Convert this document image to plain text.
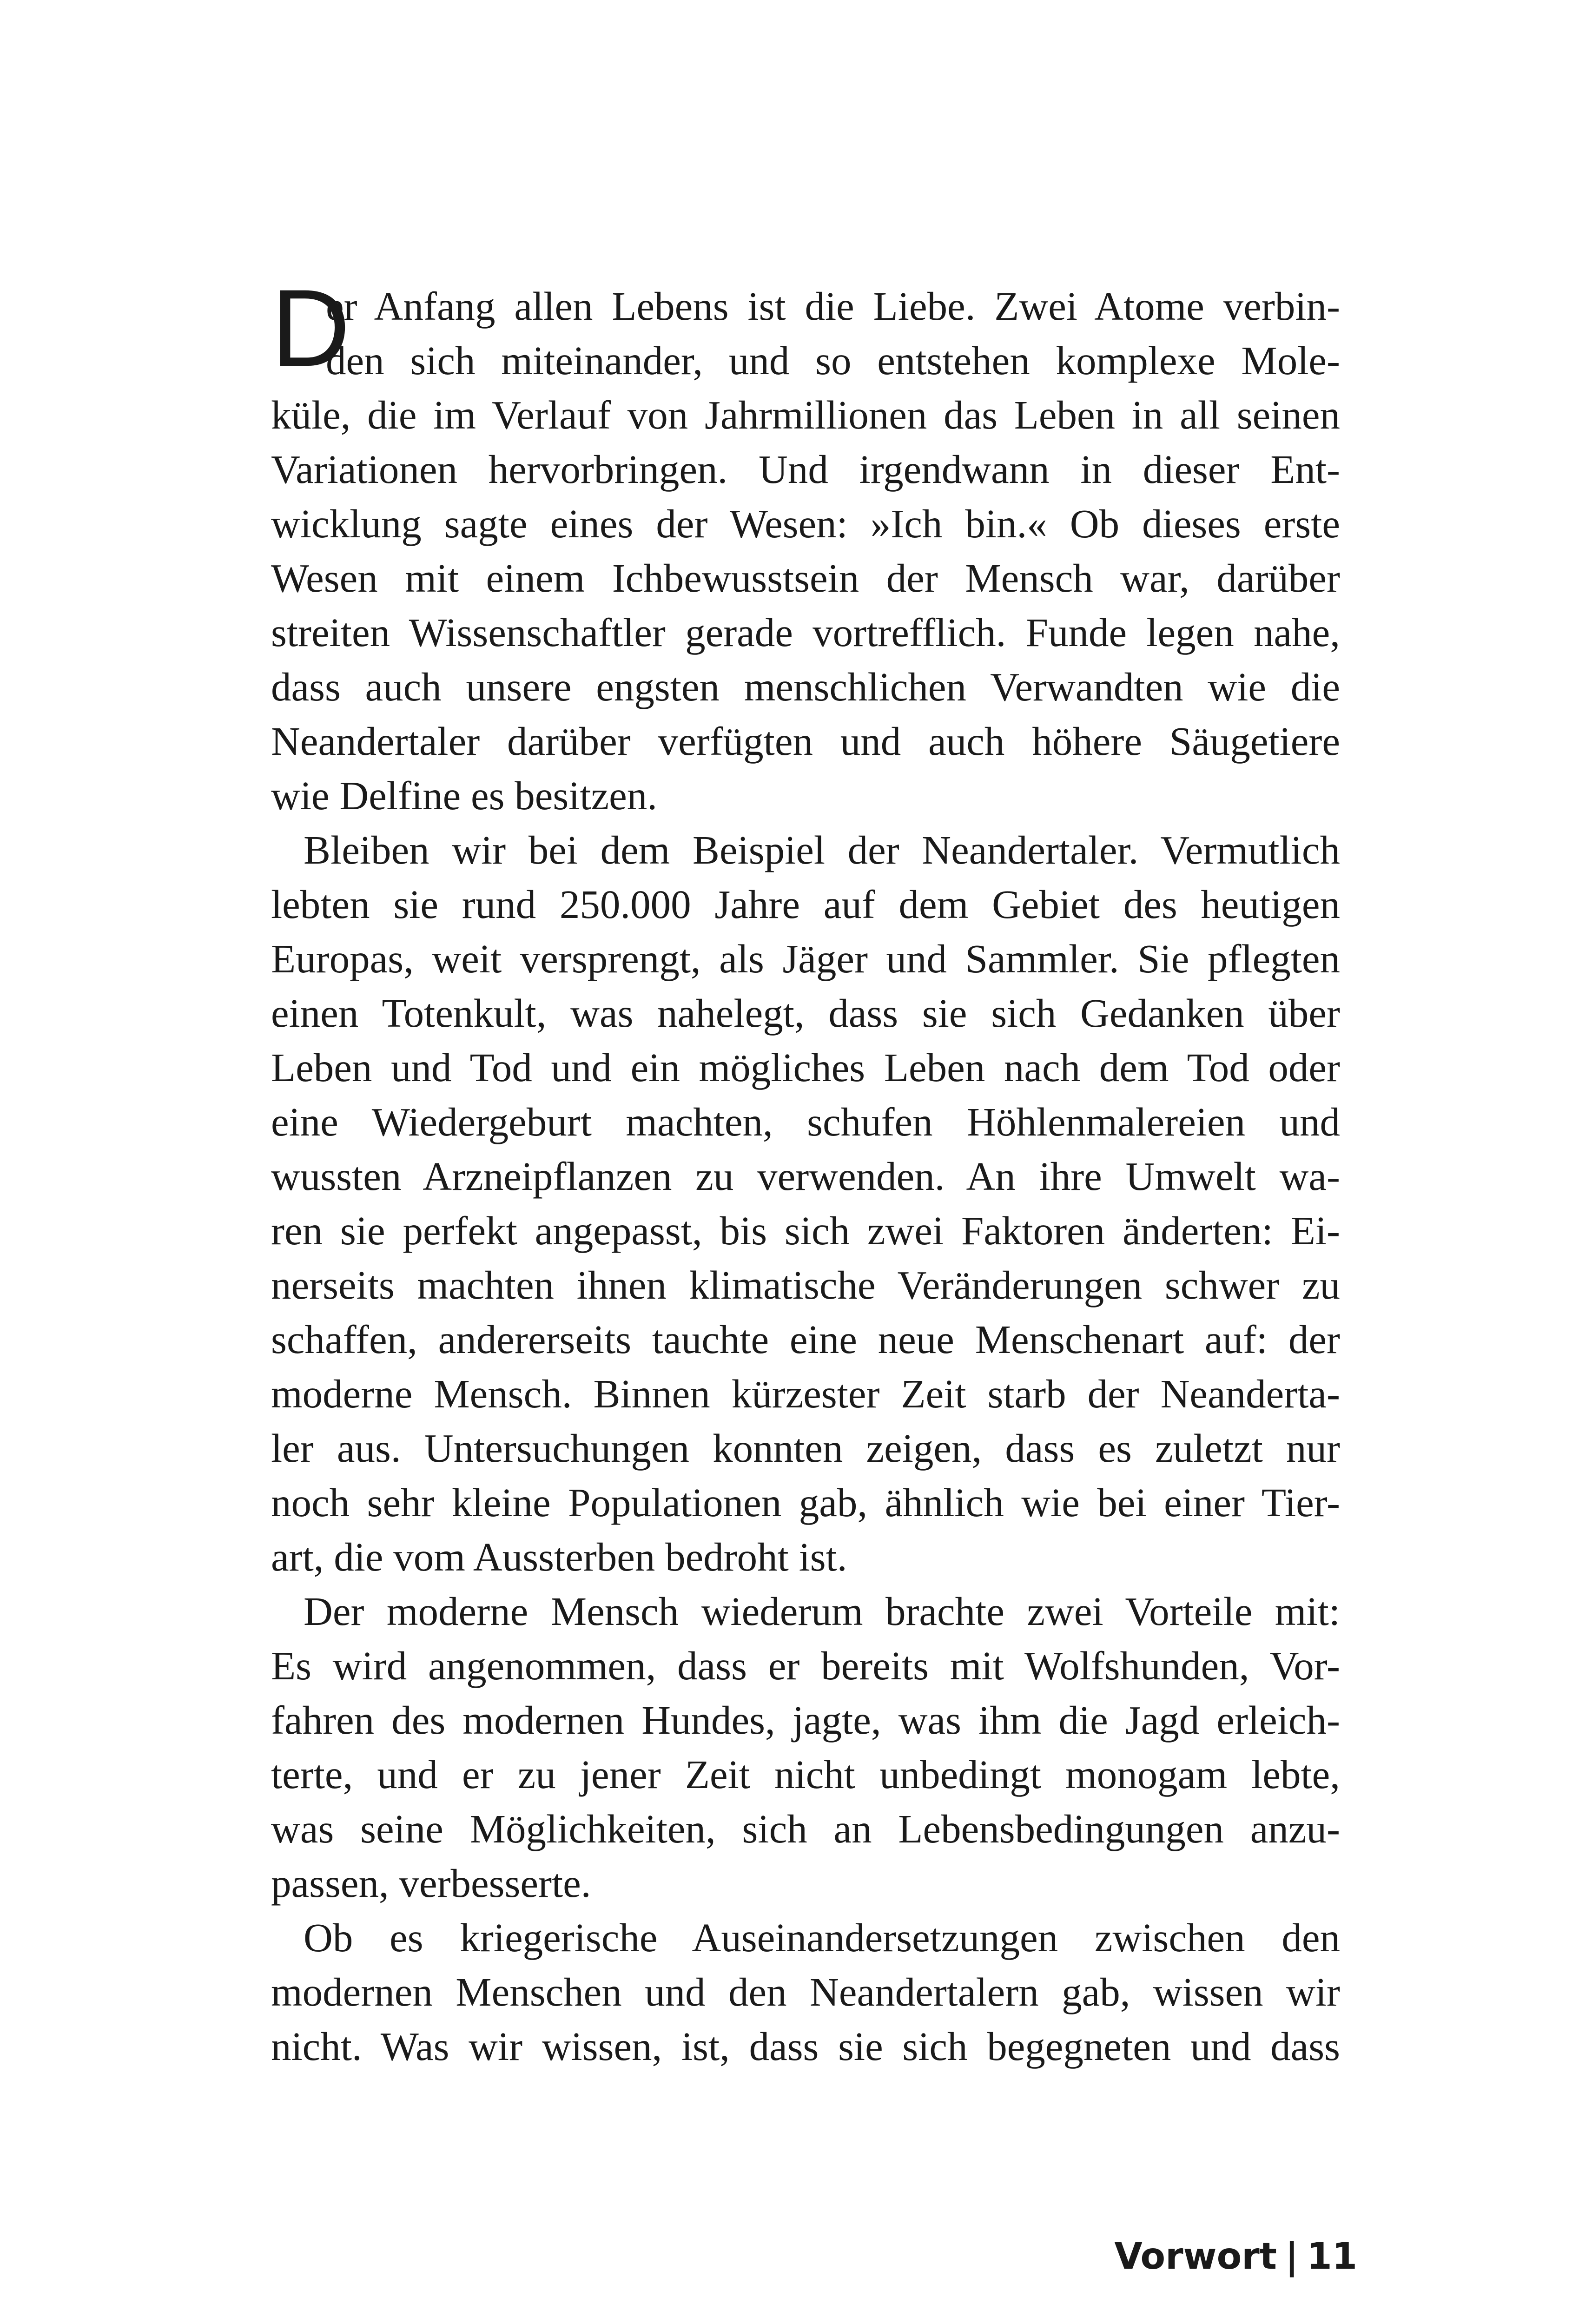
D
er Anfang allen Lebens ist die Liebe. Zwei Atome verbin-
den sich miteinander, und so entstehen komplexe Mole-
küle, die im Verlauf von Jahrmillionen das Leben in all seinen
Variationen hervorbringen. Und irgendwann in dieser Ent-
wicklung sagte eines der Wesen: »Ich bin.« Ob dieses erste
Wesen mit einem Ichbewusstsein der Mensch war, darüber
streiten Wissenschaftler gerade vortrefflich. Funde legen nahe,
dass auch unsere engsten menschlichen Verwandten wie die
Neandertaler darüber verfügten und auch höhere Säugetiere
wie Delfine es besitzen.
Bleiben wir bei dem Beispiel der Neandertaler. Vermutlich
lebten sie rund 250.000 Jahre auf dem Gebiet des heutigen
Europas, weit versprengt, als Jäger und Sammler. Sie pflegten
einen Totenkult, was nahelegt, dass sie sich Gedanken über
Leben und Tod und ein mögliches Leben nach dem Tod oder
eine Wiedergeburt machten, schufen Höhlenmalereien und
wussten Arzneipflanzen zu verwenden. An ihre Umwelt wa-
ren sie perfekt angepasst, bis sich zwei Faktoren änderten: Ei-
nerseits machten ihnen klimatische Veränderungen schwer zu
schaffen, andererseits tauchte eine neue Menschenart auf: der
moderne Mensch. Binnen kürzester Zeit starb der Neanderta-
ler aus. Untersuchungen konnten zeigen, dass es zuletzt nur
noch sehr kleine Populationen gab, ähnlich wie bei einer Tier-
art, die vom Aussterben bedroht ist.
Der moderne Mensch wiederum brachte zwei Vorteile mit:
Es wird angenommen, dass er bereits mit Wolfshunden, Vor-
fahren des modernen Hundes, jagte, was ihm die Jagd erleich-
terte, und er zu jener Zeit nicht unbedingt monogam lebte,
was seine Möglichkeiten, sich an Lebensbedingungen anzu-
passen, verbesserte.
Ob es kriegerische Auseinandersetzungen zwischen den
modernen Menschen und den Neandertalern gab, wissen wir
nicht. Was wir wissen, ist, dass sie sich begegneten und dass
Vorwort | 11
